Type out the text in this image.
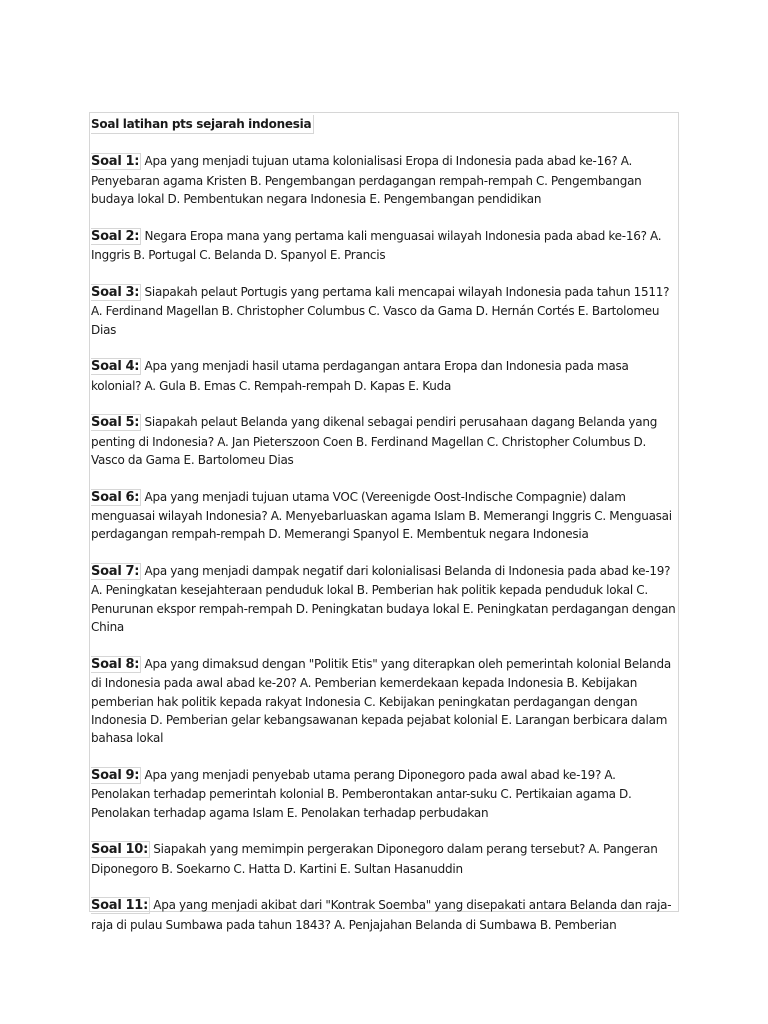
Soal latihan pts sejarah indonesia

Soal 1: Apa yang menjadi tujuan utama kolonialisasi Eropa di Indonesia pada abad ke-16? A. Penyebaran agama Kristen B. Pengembangan perdagangan rempah-rempah C. Pengembangan budaya lokal D. Pembentukan negara Indonesia E. Pengembangan pendidikan

Soal 2: Negara Eropa mana yang pertama kali menguasai wilayah Indonesia pada abad ke-16? A. Inggris B. Portugal C. Belanda D. Spanyol E. Prancis

Soal 3: Siapakah pelaut Portugis yang pertama kali mencapai wilayah Indonesia pada tahun 1511? A. Ferdinand Magellan B. Christopher Columbus C. Vasco da Gama D. Hernán Cortés E. Bartolomeu Dias

Soal 4: Apa yang menjadi hasil utama perdagangan antara Eropa dan Indonesia pada masa kolonial? A. Gula B. Emas C. Rempah-rempah D. Kapas E. Kuda

Soal 5: Siapakah pelaut Belanda yang dikenal sebagai pendiri perusahaan dagang Belanda yang penting di Indonesia? A. Jan Pieterszoon Coen B. Ferdinand Magellan C. Christopher Columbus D. Vasco da Gama E. Bartolomeu Dias

Soal 6: Apa yang menjadi tujuan utama VOC (Vereenigde Oost-Indische Compagnie) dalam menguasai wilayah Indonesia? A. Menyebarluaskan agama Islam B. Memerangi Inggris C. Menguasai perdagangan rempah-rempah D. Memerangi Spanyol E. Membentuk negara Indonesia

Soal 7: Apa yang menjadi dampak negatif dari kolonialisasi Belanda di Indonesia pada abad ke-19? A. Peningkatan kesejahteraan penduduk lokal B. Pemberian hak politik kepada penduduk lokal C. Penurunan ekspor rempah-rempah D. Peningkatan budaya lokal E. Peningkatan perdagangan dengan China

Soal 8: Apa yang dimaksud dengan "Politik Etis" yang diterapkan oleh pemerintah kolonial Belanda di Indonesia pada awal abad ke-20? A. Pemberian kemerdekaan kepada Indonesia B. Kebijakan pemberian hak politik kepada rakyat Indonesia C. Kebijakan peningkatan perdagangan dengan Indonesia D. Pemberian gelar kebangsawanan kepada pejabat kolonial E. Larangan berbicara dalam bahasa lokal

Soal 9: Apa yang menjadi penyebab utama perang Diponegoro pada awal abad ke-19? A. Penolakan terhadap pemerintah kolonial B. Pemberontakan antar-suku C. Pertikaian agama D. Penolakan terhadap agama Islam E. Penolakan terhadap perbudakan

Soal 10: Siapakah yang memimpin pergerakan Diponegoro dalam perang tersebut? A. Pangeran Diponegoro B. Soekarno C. Hatta D. Kartini E. Sultan Hasanuddin

Soal 11: Apa yang menjadi akibat dari "Kontrak Soemba" yang disepakati antara Belanda dan raja-raja di pulau Sumbawa pada tahun 1843? A. Penjajahan Belanda di Sumbawa B. Pemberian
